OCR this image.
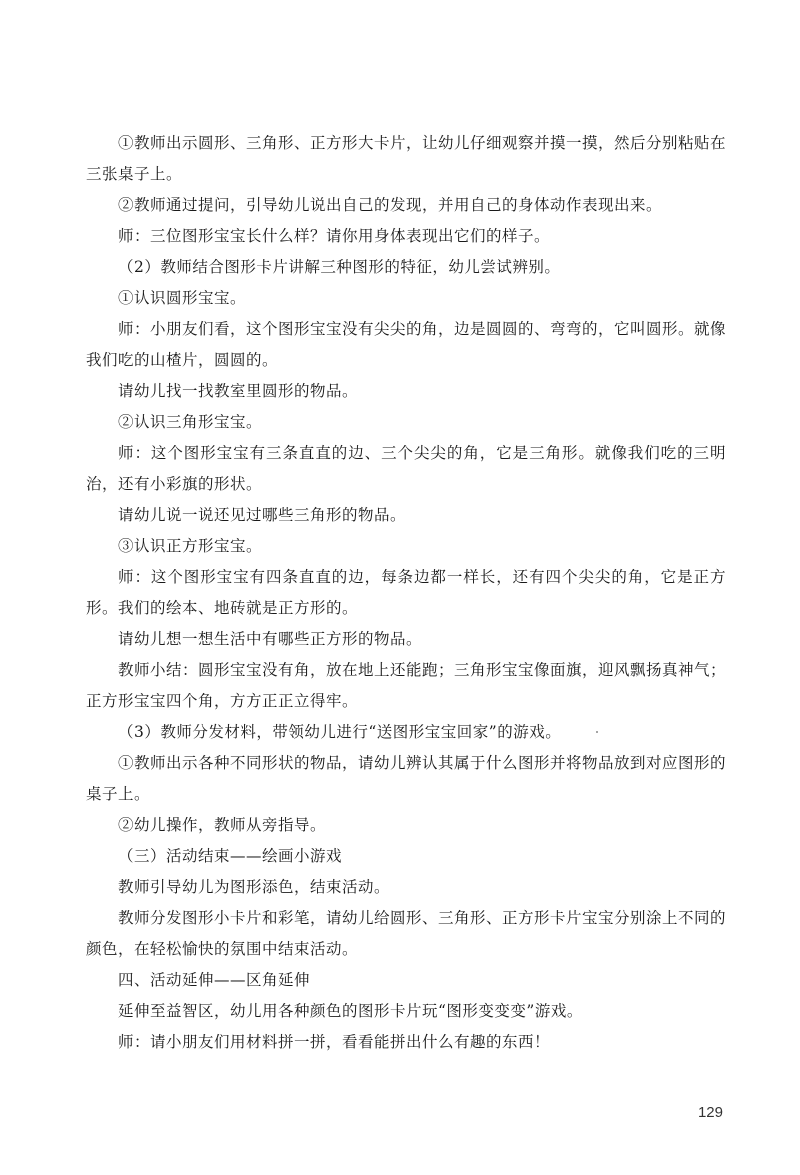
①教师出示圆形、三角形、正方形大卡片，让幼儿仔细观察并摸一摸，然后分别粘贴在三张桌子上。

②教师通过提问，引导幼儿说出自己的发现，并用自己的身体动作表现出来。

师：三位图形宝宝长什么样？请你用身体表现出它们的样子。

（2）教师结合图形卡片讲解三种图形的特征，幼儿尝试辨别。

①认识圆形宝宝。

师：小朋友们看，这个图形宝宝没有尖尖的角，边是圆圆的、弯弯的，它叫圆形。就像我们吃的山楂片，圆圆的。

请幼儿找一找教室里圆形的物品。

②认识三角形宝宝。

师：这个图形宝宝有三条直直的边、三个尖尖的角，它是三角形。就像我们吃的三明治，还有小彩旗的形状。

请幼儿说一说还见过哪些三角形的物品。

③认识正方形宝宝。

师：这个图形宝宝有四条直直的边，每条边都一样长，还有四个尖尖的角，它是正方形。我们的绘本、地砖就是正方形的。

请幼儿想一想生活中有哪些正方形的物品。

教师小结：圆形宝宝没有角，放在地上还能跑；三角形宝宝像面旗，迎风飘扬真神气；正方形宝宝四个角，方方正正立得牢。

（3）教师分发材料，带领幼儿进行“送图形宝宝回家”的游戏。

①教师出示各种不同形状的物品，请幼儿辨认其属于什么图形并将物品放到对应图形的桌子上。

②幼儿操作，教师从旁指导。

（三）活动结束——绘画小游戏

教师引导幼儿为图形添色，结束活动。

教师分发图形小卡片和彩笔，请幼儿给圆形、三角形、正方形卡片宝宝分别涂上不同的颜色，在轻松愉快的氛围中结束活动。

四、活动延伸——区角延伸

延伸至益智区，幼儿用各种颜色的图形卡片玩“图形变变变”游戏。

师：请小朋友们用材料拼一拼，看看能拼出什么有趣的东西！

129
